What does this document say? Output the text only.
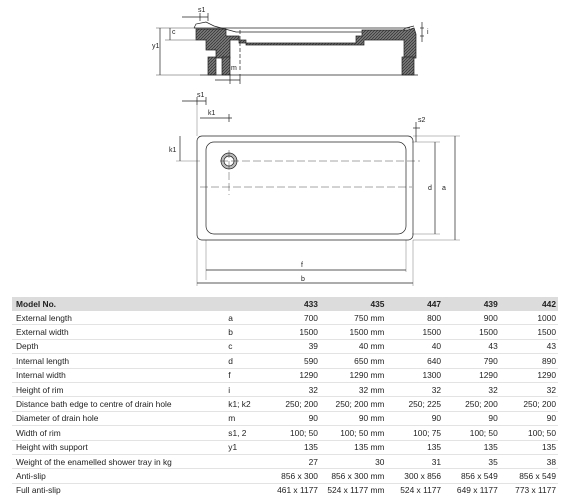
s1
y1
c	i
m
s1
k1
k1
s2
d a
f
b
Model No.		433	435	447	439	442
External length	a	700	750 mm	800	900	1000
External width	b	1500	1500 mm	1500	1500	1500
Depth	c	39	40 mm	40	43	43
Internal length	d	590	650 mm	640	790	890
Internal width	f	1290	1290 mm	1300	1290	1290
Height of rim	i	32	32 mm	32	32	32
Distance bath edge to centre of drain hole	k1; k2	250; 200	250; 200 mm	250; 225	250; 200	250; 200
Diameter of drain hole	m	90	90 mm	90	90	90
Width of rim	s1, 2	100; 50	100; 50 mm	100; 75	100; 50	100; 50
Height with support	y1	135	135 mm	135	135	135
Weight of the enamelled shower tray in kg		27	30	31	35	38
Anti-slip		856 x 300	856 x 300 mm	300 x 856	856 x 549	856 x 549
Full anti-slip		461 x 1177	524 x 1177 mm	524 x 1177	649 x 1177	773 x 1177
